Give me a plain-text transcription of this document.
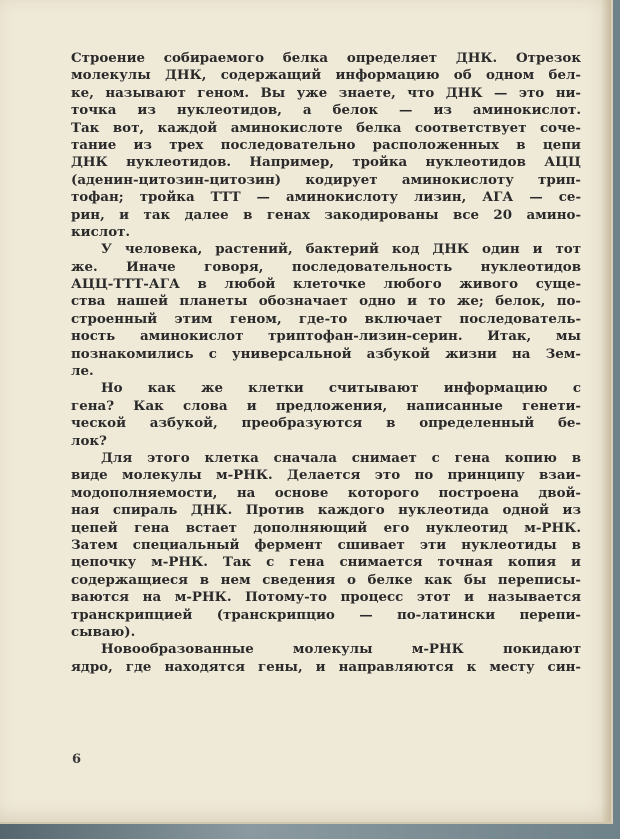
Строение собираемого белка определяет ДНК. Отрезок
молекулы ДНК, содержащий информацию об одном бел-
ке, называют геном. Вы уже знаете, что ДНК — это ни-
точка из нуклеотидов, а белок — из аминокислот.
Так вот, каждой аминокислоте белка соответствует соче-
тание из трех последовательно расположенных в цепи
ДНК нуклеотидов. Например, тройка нуклеотидов АЦЦ
(аденин-цитозин-цитозин) кодирует аминокислоту трип-
тофан; тройка ТТТ — аминокислоту лизин, АГА — се-
рин, и так далее в генах закодированы все 20 амино-
кислот.
У человека, растений, бактерий код ДНК один и тот
же. Иначе говоря, последовательность нуклеотидов
АЦЦ-ТТТ-АГА в любой клеточке любого живого суще-
ства нашей планеты обозначает одно и то же; белок, по-
строенный этим геном, где-то включает последователь-
ность аминокислот триптофан-лизин-серин. Итак, мы
познакомились с универсальной азбукой жизни на Зем-
ле.
Но как же клетки считывают информацию с
гена? Как слова и предложения, написанные генети-
ческой азбукой, преобразуются в определенный бе-
лок?
Для этого клетка сначала снимает с гена копию в
виде молекулы м-РНК. Делается это по принципу взаи-
модополняемости, на основе которого построена двой-
ная спираль ДНК. Против каждого нуклеотида одной из
цепей гена встает дополняющий его нуклеотид м-РНК.
Затем специальный фермент сшивает эти нуклеотиды в
цепочку м-РНК. Так с гена снимается точная копия и
содержащиеся в нем сведения о белке как бы переписы-
ваются на м-РНК. Потому-то процесс этот и называется
транскрипцией (транскрипцио — по-латински перепи-
сываю).
Новообразованные молекулы м-РНК покидают
ядро, где находятся гены, и направляются к месту син-
6
